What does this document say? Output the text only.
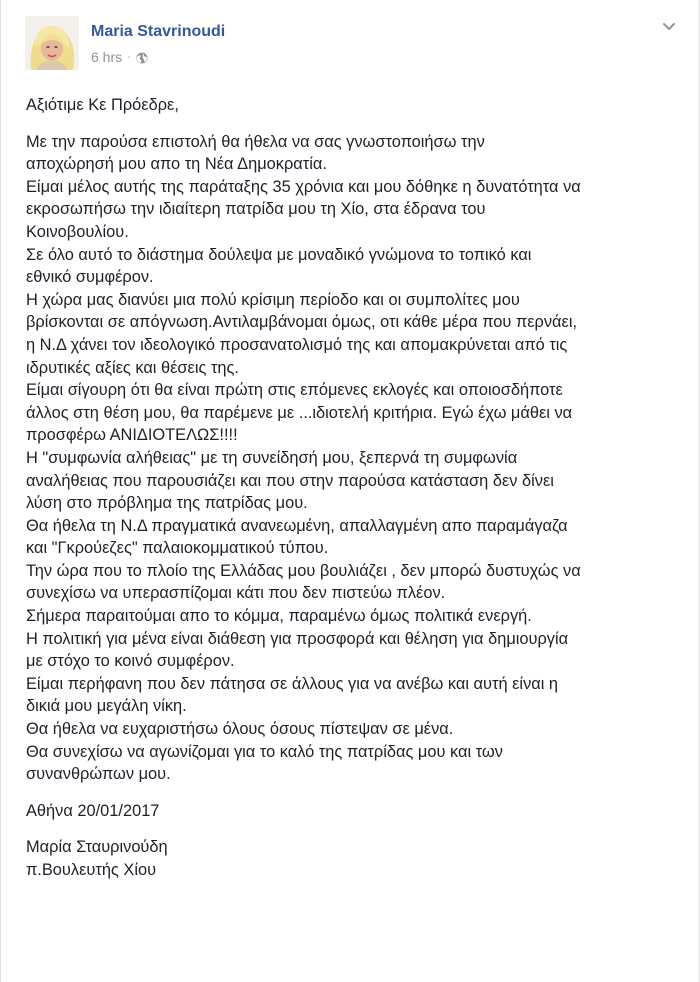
Maria Stavrinoudi
6 hrs ·

Αξιότιμε Κε Πρόεδρε,

Με την παρούσα επιστολή θα ήθελα να σας γνωστοποιήσω την
αποχώρησή μου απο τη Νέα Δημοκρατία.
Είμαι μέλος αυτής της παράταξης 35 χρόνια και μου δόθηκε η δυνατότητα να
εκροσωπήσω την ιδιαίτερη πατρίδα μου τη Χίο, στα έδρανα του
Κοινοβουλίου.
Σε όλο αυτό το διάστημα δούλεψα με μοναδικό γνώμονα το τοπικό και
εθνικό συμφέρον.
Η χώρα μας διανύει μια πολύ κρίσιμη περίοδο και οι συμπολίτες μου
βρίσκονται σε απόγνωση.Αντιλαμβάνομαι όμως, οτι κάθε μέρα που περνάει,
η Ν.Δ χάνει τον ιδεολογικό προσανατολισμό της και απομακρύνεται από τις
ιδρυτικές αξίες και θέσεις της.
Είμαι σίγουρη ότι θα είναι πρώτη στις επόμενες εκλογές και οποιοσδήποτε
άλλος στη θέση μου, θα παρέμενε με ...ιδιοτελή κριτήρια. Εγώ έχω μάθει να
προσφέρω ΑΝΙΔΙΟΤΕΛΩΣ!!!!
Η "συμφωνία αλήθειας" με τη συνείδησή μου, ξεπερνά τη συμφωνία
αναλήθειας που παρουσιάζει και που στην παρούσα κατάσταση δεν δίνει
λύση στο πρόβλημα της πατρίδας μου.
Θα ήθελα τη Ν.Δ πραγματικά ανανεωμένη, απαλλαγμένη απο παραμάγαζα
και "Γκρούεζες" παλαιοκομματικού τύπου.
Την ώρα που το πλοίο της Ελλάδας μου βουλιάζει , δεν μπορώ δυστυχώς να
συνεχίσω να υπερασπίζομαι κάτι που δεν πιστεύω πλέον.
Σήμερα παραιτούμαι απο το κόμμα, παραμένω όμως πολιτικά ενεργή.
Η πολιτική για μένα είναι διάθεση για προσφορά και θέληση για δημιουργία
με στόχο το κοινό συμφέρον.
Είμαι περήφανη που δεν πάτησα σε άλλους για να ανέβω και αυτή είναι η
δικιά μου μεγάλη νίκη.
Θα ήθελα να ευχαριστήσω όλους όσους πίστεψαν σε μένα.
Θα συνεχίσω να αγωνίζομαι για το καλό της πατρίδας μου και των
συνανθρώπων μου.

Αθήνα 20/01/2017

Μαρία Σταυρινούδη
π.Βουλευτής Χίου
